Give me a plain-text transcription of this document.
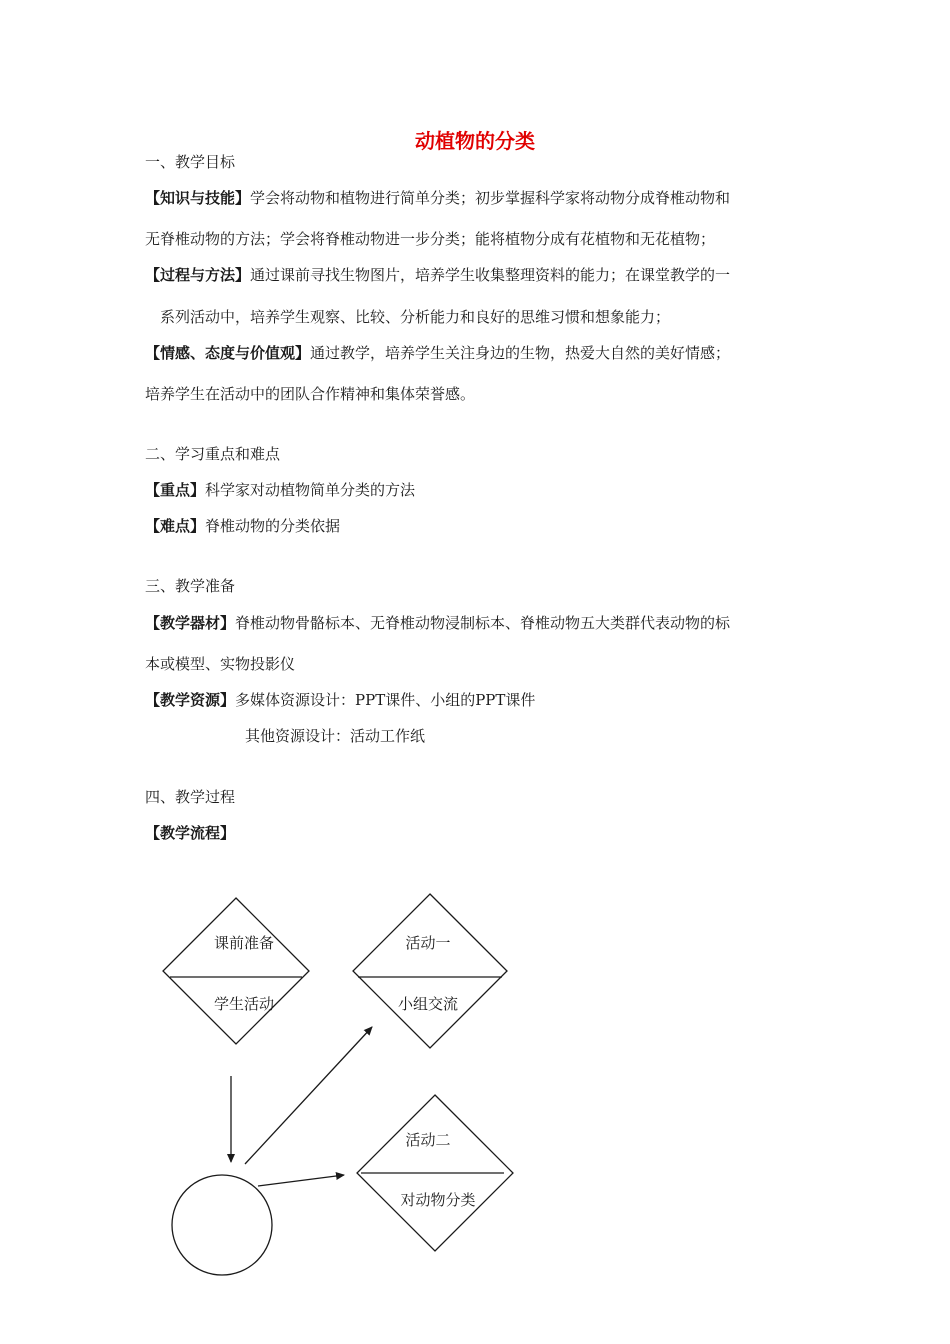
动植物的分类
一、教学目标
【知识与技能】学会将动物和植物进行简单分类；初步掌握科学家将动物分成脊椎动物和
无脊椎动物的方法；学会将脊椎动物进一步分类；能将植物分成有花植物和无花植物；
【过程与方法】通过课前寻找生物图片，培养学生收集整理资料的能力；在课堂教学的一
系列活动中，培养学生观察、比较、分析能力和良好的思维习惯和想象能力；
【情感、态度与价值观】通过教学，培养学生关注身边的生物，热爱大自然的美好情感；
培养学生在活动中的团队合作精神和集体荣誉感。
二、学习重点和难点
【重点】科学家对动植物简单分类的方法
【难点】脊椎动物的分类依据
三、教学准备
【教学器材】脊椎动物骨骼标本、无脊椎动物浸制标本、脊椎动物五大类群代表动物的标
本或模型、实物投影仪
【教学资源】多媒体资源设计：PPT课件、小组的PPT课件
其他资源设计：活动工作纸
四、教学过程
【教学流程】
课前准备
学生活动
活动一
小组交流
活动二
对动物分类
